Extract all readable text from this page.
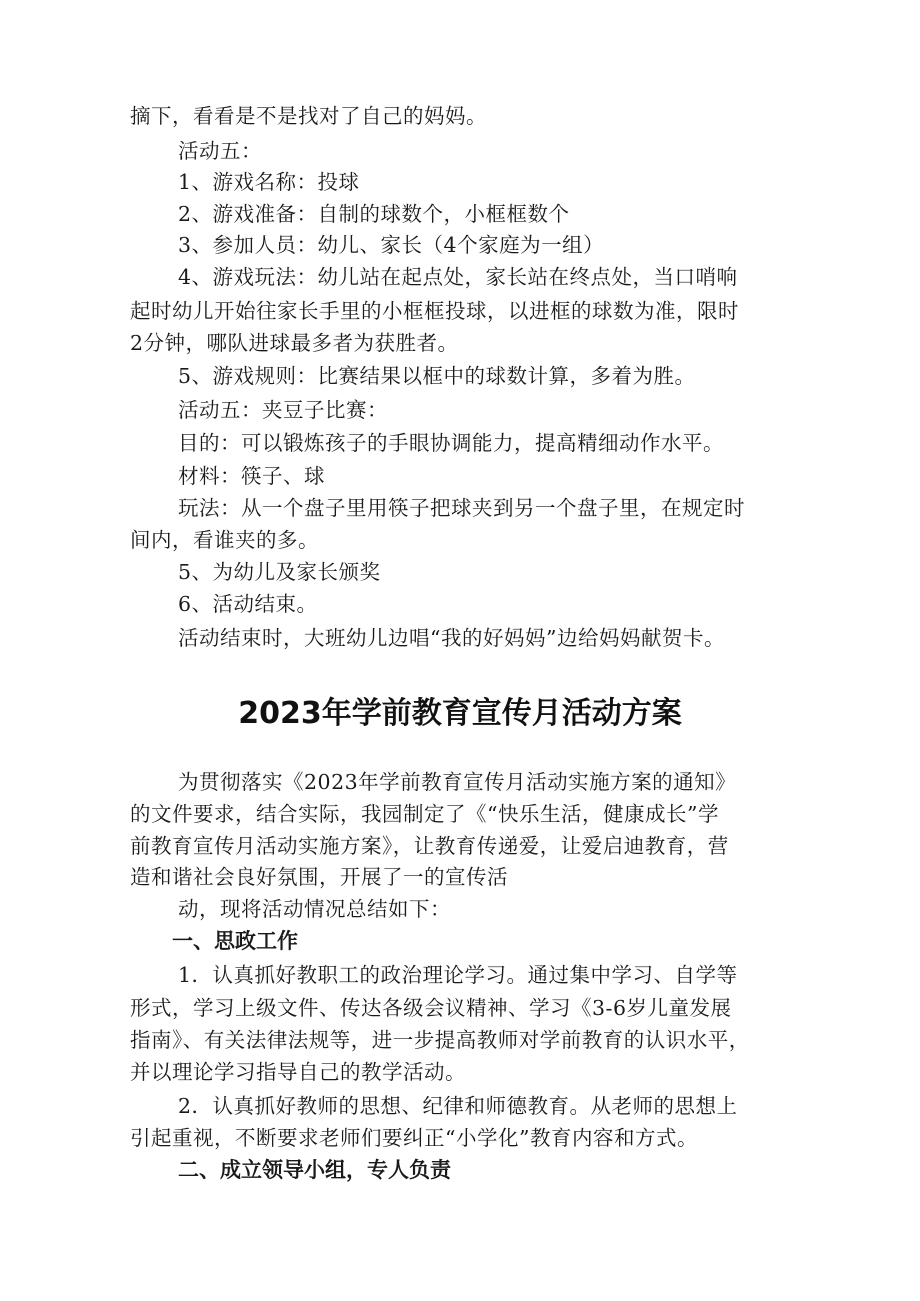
摘下，看看是不是找对了自己的妈妈。
活动五：
1、游戏名称：投球
2、游戏准备：自制的球数个，小框框数个
3、参加人员：幼儿、家长（4个家庭为一组）
4、游戏玩法：幼儿站在起点处，家长站在终点处，当口哨响
起时幼儿开始往家长手里的小框框投球，以进框的球数为准，限时
2分钟，哪队进球最多者为获胜者。
5、游戏规则：比赛结果以框中的球数计算，多着为胜。
活动五：夹豆子比赛：
目的：可以锻炼孩子的手眼协调能力，提高精细动作水平。
材料：筷子、球
玩法：从一个盘子里用筷子把球夹到另一个盘子里，在规定时
间内，看谁夹的多。
5、为幼儿及家长颁奖
6、活动结束。
活动结束时，大班幼儿边唱“我的好妈妈”边给妈妈献贺卡。
2023年学前教育宣传月活动方案
为贯彻落实《2023年学前教育宣传月活动实施方案的通知》
的文件要求，结合实际，我园制定了《“快乐生活，健康成长”学
前教育宣传月活动实施方案》，让教育传递爱，让爱启迪教育，营
造和谐社会良好氛围，开展了一的宣传活
动，现将活动情况总结如下：
一、思政工作
1．认真抓好教职工的政治理论学习。通过集中学习、自学等
形式，学习上级文件、传达各级会议精神、学习《3-6岁儿童发展
指南》、有关法律法规等，进一步提高教师对学前教育的认识水平，
并以理论学习指导自己的教学活动。
2．认真抓好教师的思想、纪律和师德教育。从老师的思想上
引起重视，不断要求老师们要纠正“小学化”教育内容和方式。
二、成立领导小组，专人负责
